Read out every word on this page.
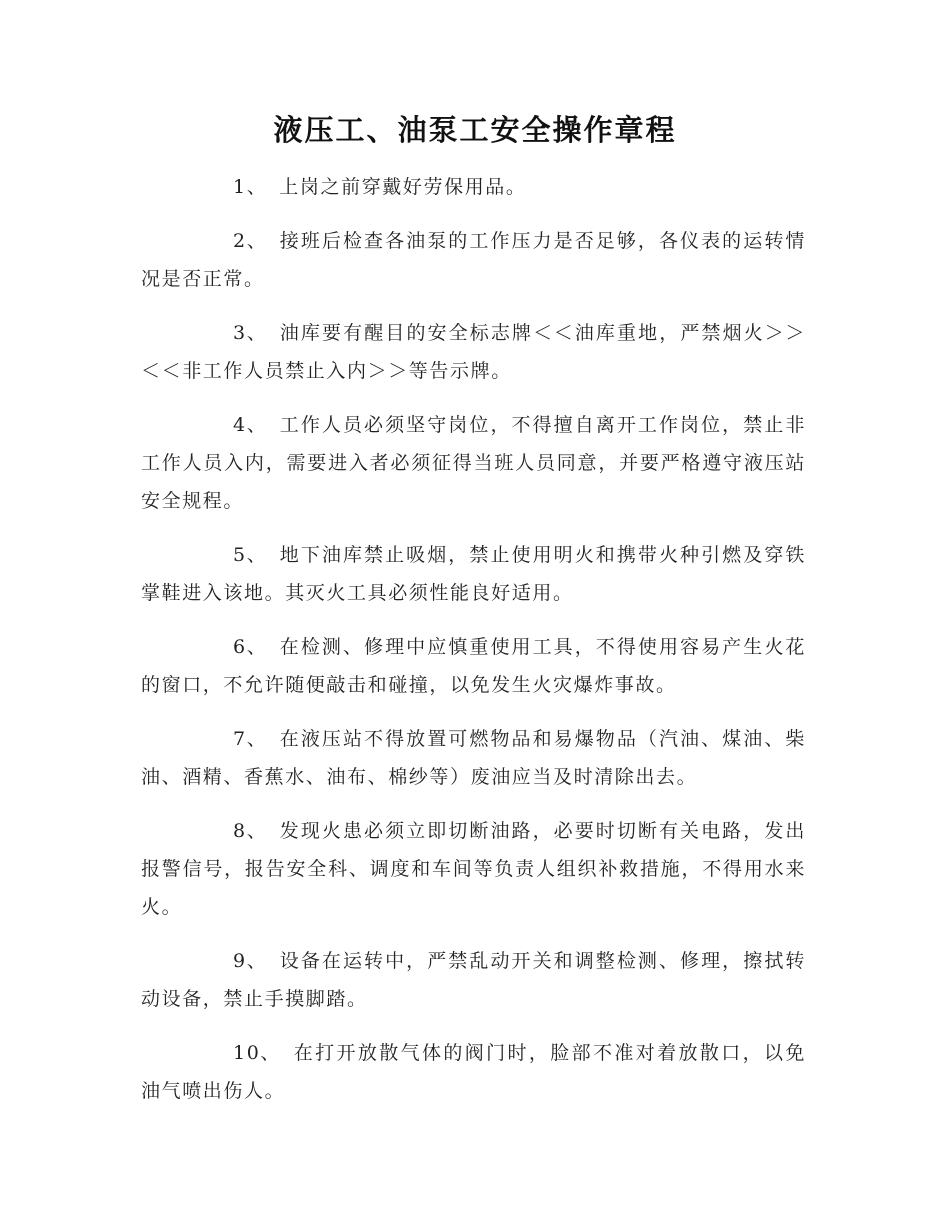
液压工、油泵工安全操作章程

1、 上岗之前穿戴好劳保用品。

2、 接班后检查各油泵的工作压力是否足够，各仪表的运转情况是否正常。

3、 油库要有醒目的安全标志牌＜＜油库重地，严禁烟火＞＞＜＜非工作人员禁止入内＞＞等告示牌。

4、 工作人员必须坚守岗位，不得擅自离开工作岗位，禁止非工作人员入内，需要进入者必须征得当班人员同意，并要严格遵守液压站安全规程。

5、 地下油库禁止吸烟，禁止使用明火和携带火种引燃及穿铁掌鞋进入该地。其灭火工具必须性能良好适用。

6、 在检测、修理中应慎重使用工具，不得使用容易产生火花的窗口，不允许随便敲击和碰撞，以免发生火灾爆炸事故。

7、 在液压站不得放置可燃物品和易爆物品（汽油、煤油、柴油、酒精、香蕉水、油布、棉纱等）废油应当及时清除出去。

8、 发现火患必须立即切断油路，必要时切断有关电路，发出报警信号，报告安全科、调度和车间等负责人组织补救措施，不得用水来火。

9、 设备在运转中，严禁乱动开关和调整检测、修理，擦拭转动设备，禁止手摸脚踏。

10、 在打开放散气体的阀门时，脸部不准对着放散口，以免油气喷出伤人。
